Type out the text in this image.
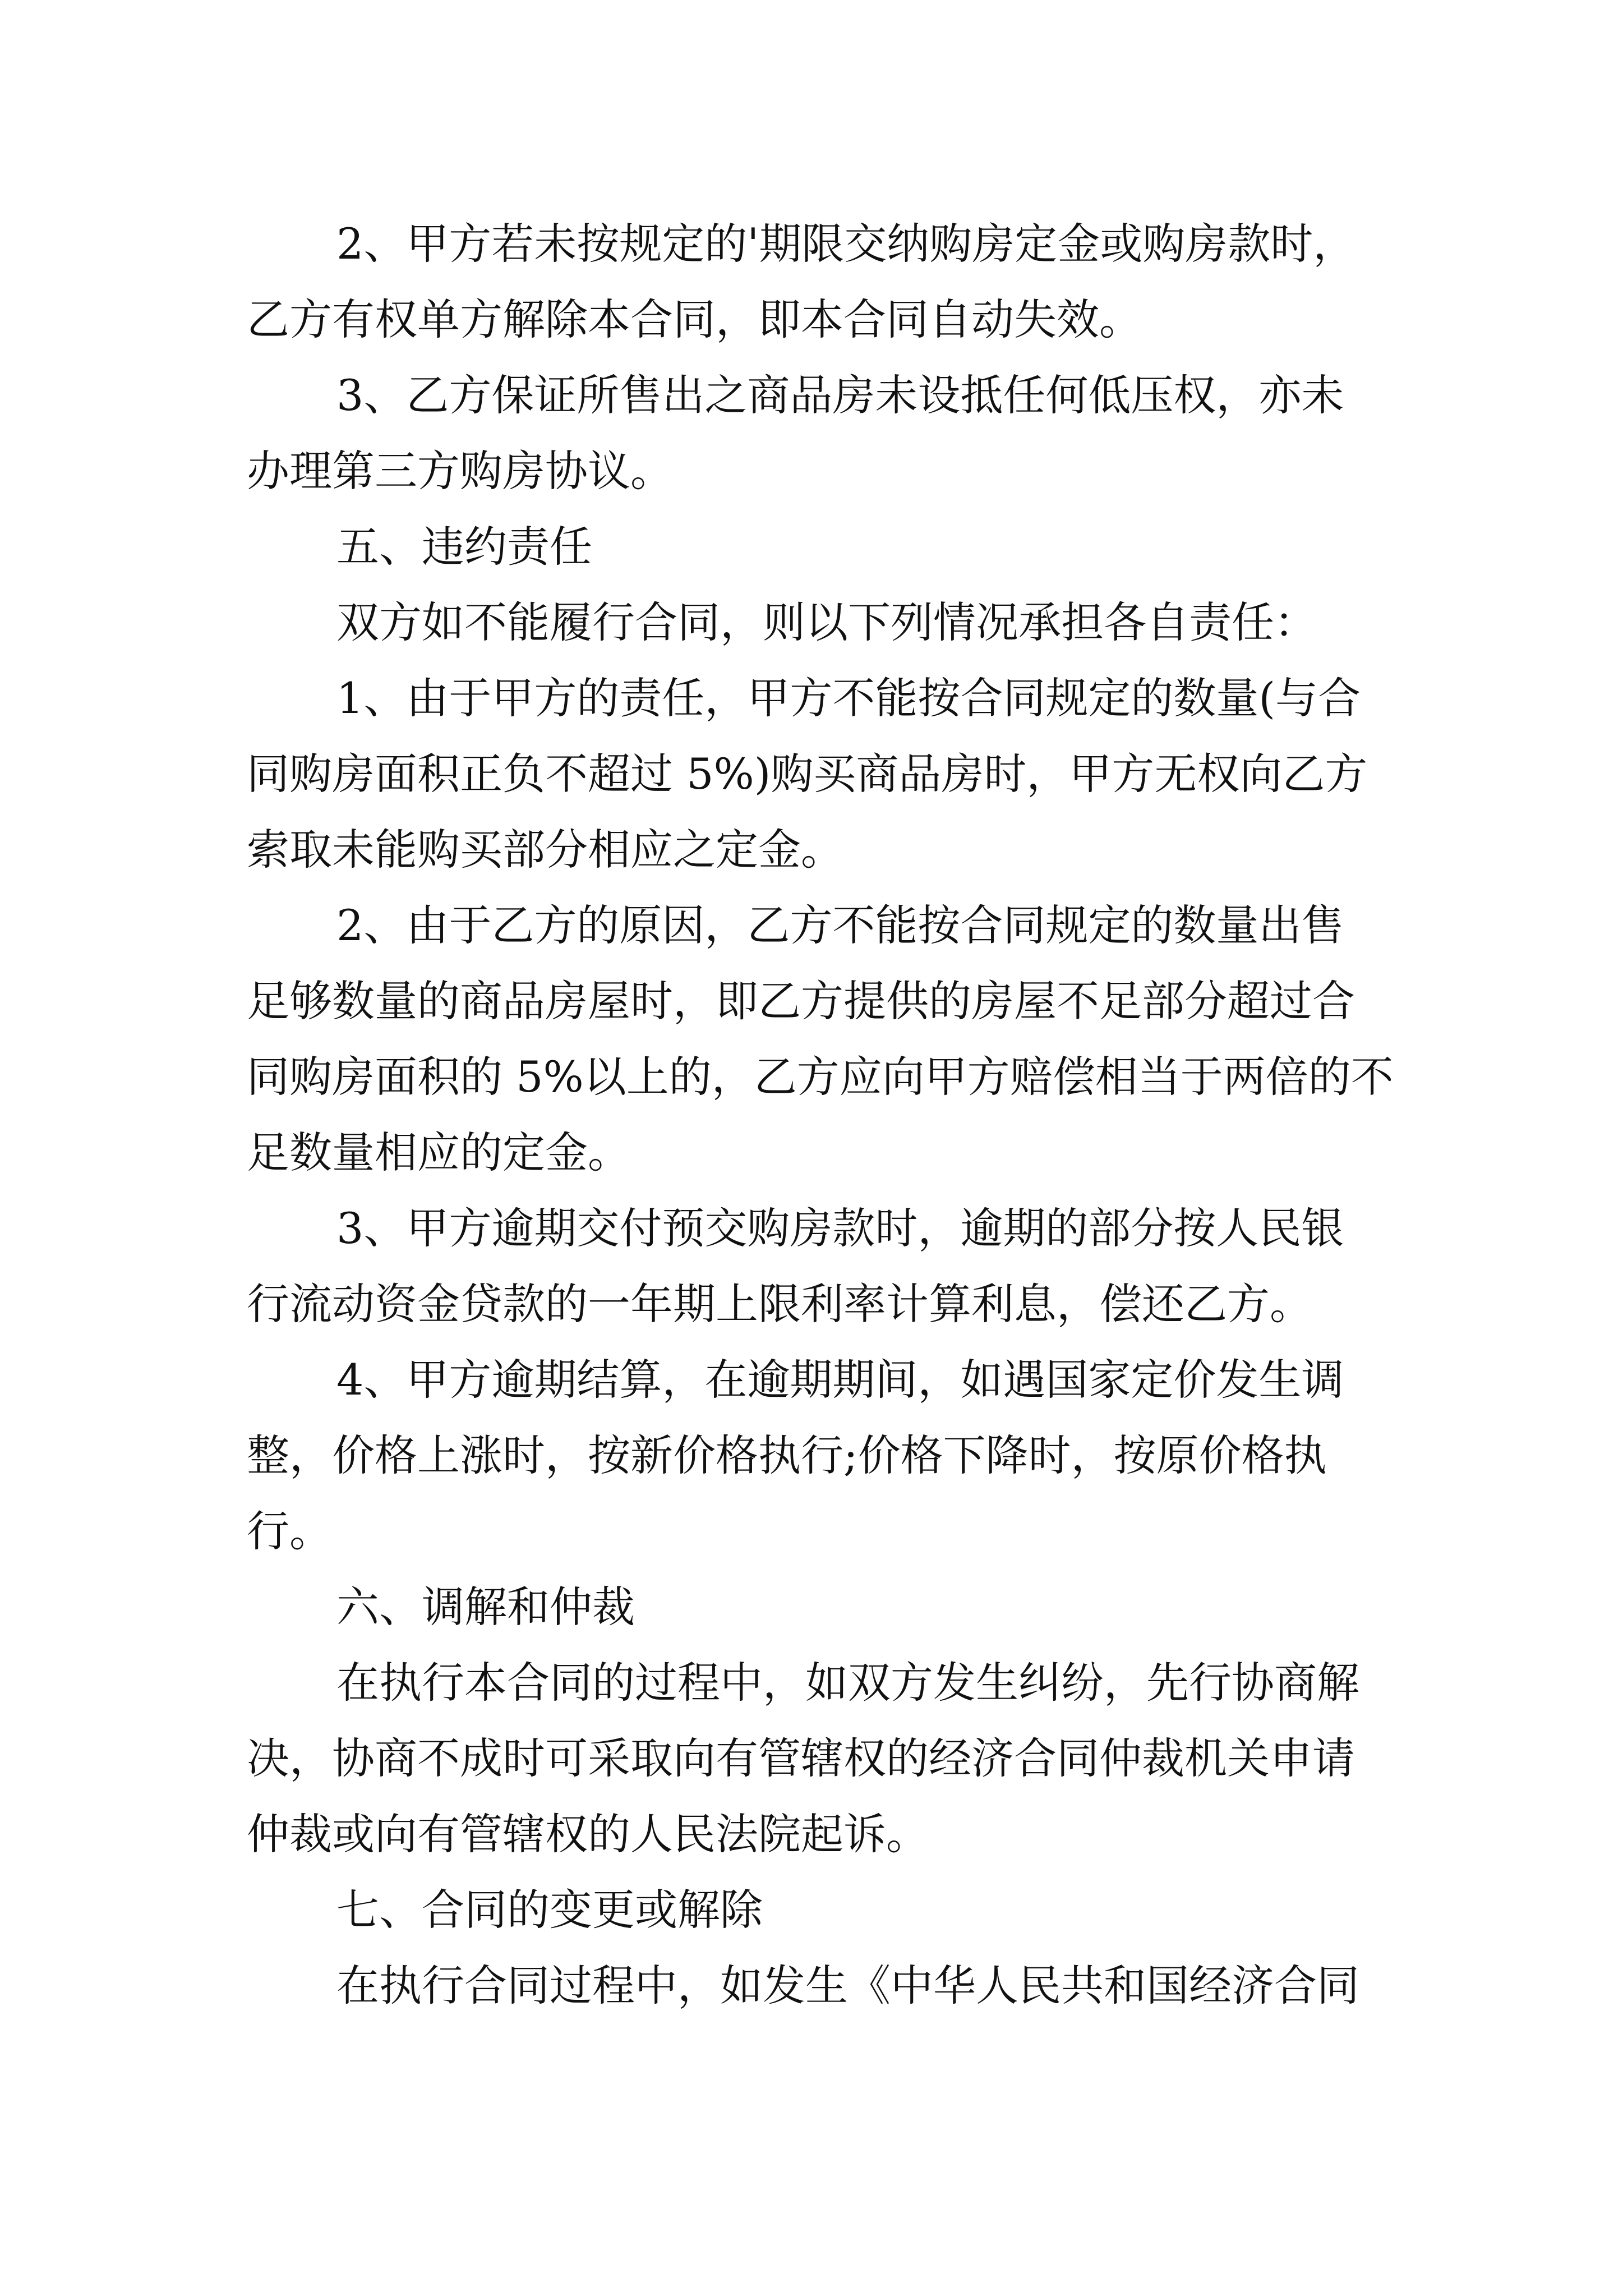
2、甲方若未按规定的'期限交纳购房定金或购房款时，

乙方有权单方解除本合同，即本合同自动失效。

3、乙方保证所售出之商品房未设抵任何低压权，亦未

办理第三方购房协议。

五、违约责任

双方如不能履行合同，则以下列情况承担各自责任：

1、由于甲方的责任，甲方不能按合同规定的数量(与合

同购房面积正负不超过 5%)购买商品房时，甲方无权向乙方

索取未能购买部分相应之定金。

2、由于乙方的原因，乙方不能按合同规定的数量出售

足够数量的商品房屋时，即乙方提供的房屋不足部分超过合

同购房面积的 5%以上的，乙方应向甲方赔偿相当于两倍的不

足数量相应的定金。

3、甲方逾期交付预交购房款时，逾期的部分按人民银

行流动资金贷款的一年期上限利率计算利息，偿还乙方。

4、甲方逾期结算，在逾期期间，如遇国家定价发生调

整，价格上涨时，按新价格执行;价格下降时，按原价格执

行。

六、调解和仲裁

在执行本合同的过程中，如双方发生纠纷，先行协商解

决，协商不成时可采取向有管辖权的经济合同仲裁机关申请

仲裁或向有管辖权的人民法院起诉。

七、合同的变更或解除

在执行合同过程中，如发生《中华人民共和国经济合同
